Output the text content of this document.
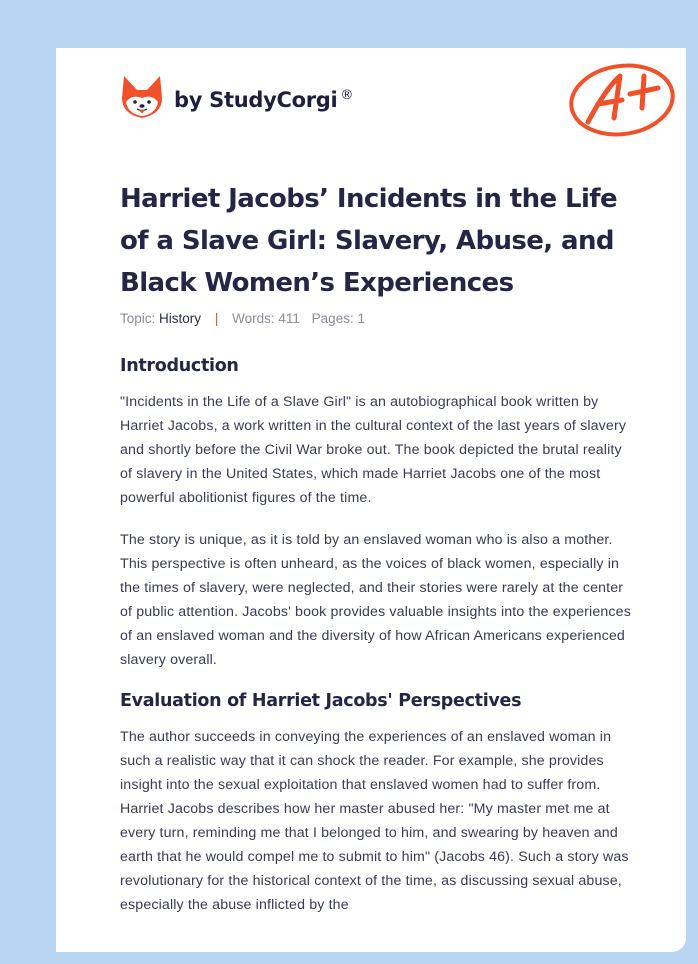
by StudyCorgi ®
Harriet Jacobs’ Incidents in the Life of a Slave Girl: Slavery, Abuse, and Black Women’s Experiences
Topic: History | Words: 411 Pages: 1
Introduction

"Incidents in the Life of a Slave Girl" is an autobiographical book written by Harriet Jacobs, a work written in the cultural context of the last years of slavery and shortly before the Civil War broke out. The book depicted the brutal reality of slavery in the United States, which made Harriet Jacobs one of the most powerful abolitionist figures of the time.

The story is unique, as it is told by an enslaved woman who is also a mother. This perspective is often unheard, as the voices of black women, especially in the times of slavery, were neglected, and their stories were rarely at the center of public attention. Jacobs' book provides valuable insights into the experiences of an enslaved woman and the diversity of how African Americans experienced slavery overall.

Evaluation of Harriet Jacobs' Perspectives

The author succeeds in conveying the experiences of an enslaved woman in such a realistic way that it can shock the reader. For example, she provides insight into the sexual exploitation that enslaved women had to suffer from. Harriet Jacobs describes how her master abused her: "My master met me at every turn, reminding me that I belonged to him, and swearing by heaven and earth that he would compel me to submit to him" (Jacobs 46). Such a story was revolutionary for the historical context of the time, as discussing sexual abuse, especially the abuse inflicted by the
